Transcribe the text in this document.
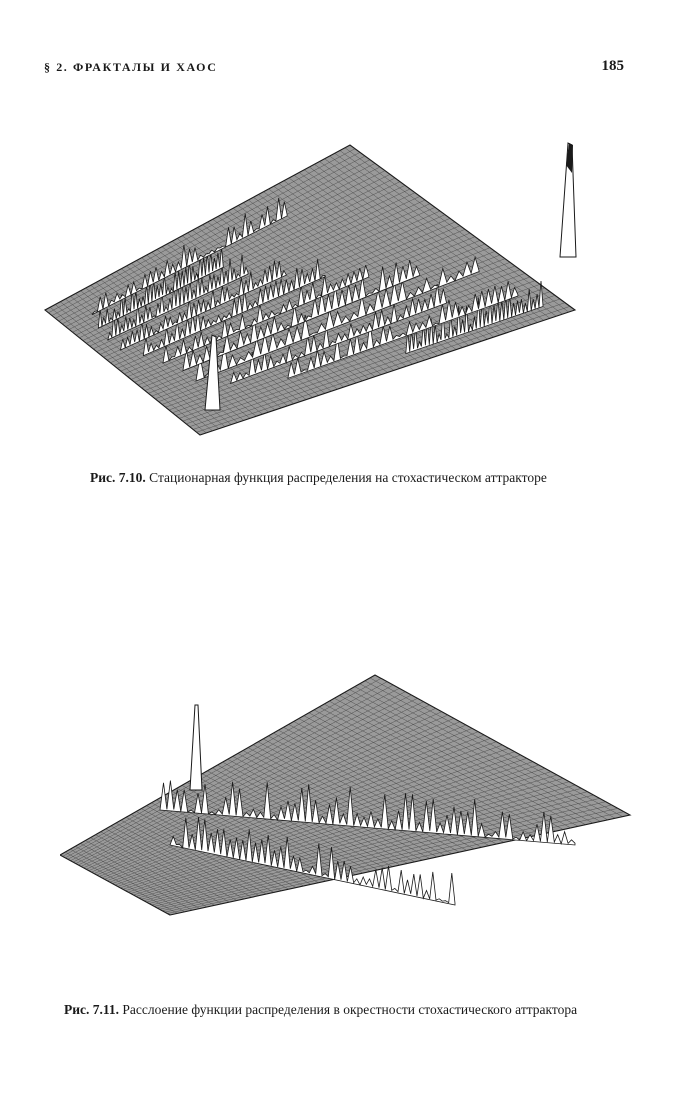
§ 2. ФРАКТАЛЫ И ХАОС	185
Рис. 7.10. Стационарная функция распределения на стохастическом аттракторе
Рис. 7.11. Расслоение функции распределения в окрестности стохастического аттрактора
